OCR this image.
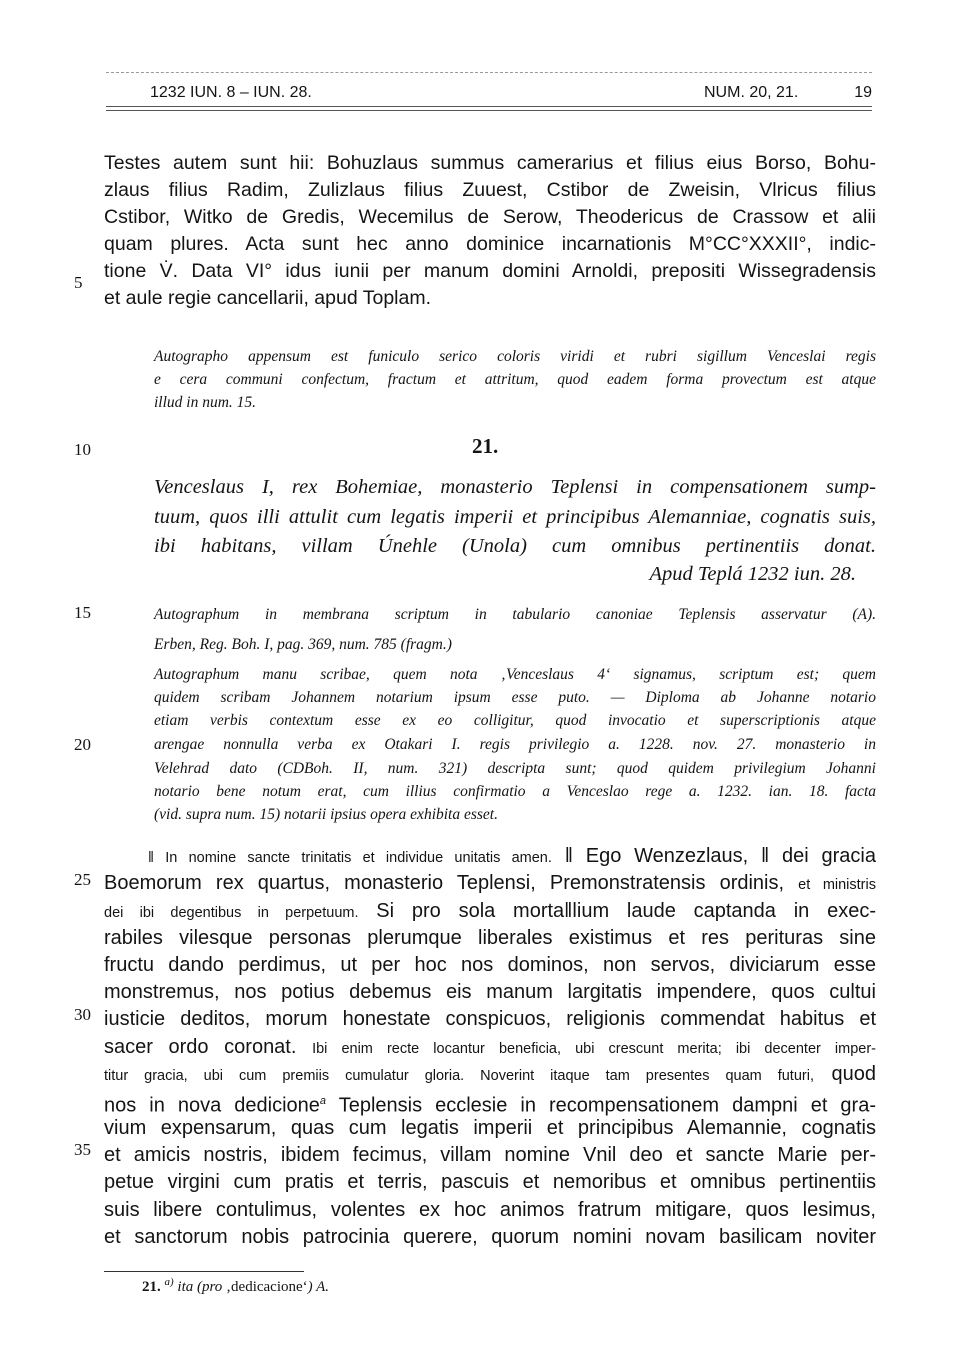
1232 IUN. 8 – IUN. 28.	NUM. 20, 21.	19
5
10
15
20
25
30
35
Testes autem sunt hii: Bohuzlaus summus camerarius et filius eius Borso, Bohu-
zlaus filius Radim, Zulizlaus filius Zuuest, Cstibor de Zweisin, Vlricus filius
Cstibor, Witko de Gredis, Wecemilus de Serow, Theodericus de Crassow et alii
quam plures. Acta sunt hec anno dominice incarnationis M°CC°XXXII°, indic-
tione V̇. Data VI° idus iunii per manum domini Arnoldi, prepositi Wissegradensis
et aule regie cancellarii, apud Toplam.
Autographo appensum est funiculo serico coloris viridi et rubri sigillum Venceslai regis
e cera communi confectum, fractum et attritum, quod eadem forma provectum est atque
illud in num. 15.
21.
Venceslaus I, rex Bohemiae, monasterio Teplensi in compensationem sump-
tuum, quos illi attulit cum legatis imperii et principibus Alemanniae, cognatis suis,
ibi habitans, villam Únehle (Unola) cum omnibus pertinentiis donat.
Apud Teplá 1232 iun. 28.
Autographum in membrana scriptum in tabulario canoniae Teplensis asservatur (A).
Erben, Reg. Boh. I, pag. 369, num. 785 (fragm.)
Autographum manu scribae, quem nota ‚Venceslaus 4‘ signamus, scriptum est; quem
quidem scribam Johannem notarium ipsum esse puto. — Diploma ab Johanne notario
etiam verbis contextum esse ex eo colligitur, quod invocatio et superscriptionis atque
arengae nonnulla verba ex Otakari I. regis privilegio a. 1228. nov. 27. monasterio in
Velehrad dato (CDBoh. II, num. 321) descripta sunt; quod quidem privilegium Johanni
notario bene notum erat, cum illius confirmatio a Venceslao rege a. 1232. ian. 18. facta
(vid. supra num. 15) notarii ipsius opera exhibita esset.
‖ In nomine sancte trinitatis et individue unitatis amen. ‖ Ego Wenzezlaus, ‖ dei gracia
Boemorum rex quartus, monasterio Teplensi, Premonstratensis ordinis, et ministris
dei ibi degentibus in perpetuum. Si pro sola morta‖lium laude captanda in exec-
rabiles vilesque personas plerumque liberales existimus et res perituras sine
fructu dando perdimus, ut per hoc nos dominos, non servos, diviciarum esse
monstremus, nos potius debemus eis manum largitatis impendere, quos cultui
iusticie deditos, morum honestate conspicuos, religionis commendat habitus et
sacer ordo coronat. Ibi enim recte locantur beneficia, ubi crescunt merita; ibi decenter imper-
titur gracia, ubi cum premiis cumulatur gloria. Noverint itaque tam presentes quam futuri, quod
nos in nova dedicione$^a$ Teplensis ecclesie in recompensationem dampni et gra-
vium expensarum, quas cum legatis imperii et principibus Alemannie, cognatis
et amicis nostris, ibidem fecimus, villam nomine Vnil deo et sancte Marie per-
petue virgini cum pratis et terris, pascuis et nemoribus et omnibus pertinentiis
suis libere contulimus, volentes ex hoc animos fratrum mitigare, quos lesimus,
et sanctorum nobis patrocinia querere, quorum nomini novam basilicam noviter
21. $^{a)}$ ita (pro ‚dedicacione‘) A.
